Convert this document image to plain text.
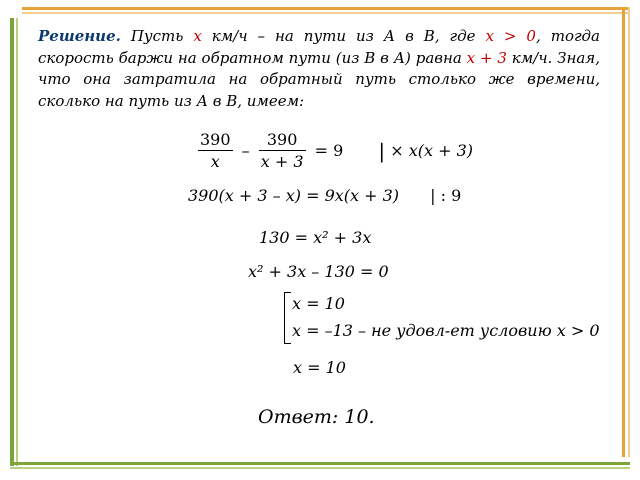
Решение. Пусть x км/ч – на пути из А в В, где x > 0, тогда скорость баржи на обратном пути (из В в А) равна x + 3 км/ч. Зная, что она затратила на обратный путь столько же времени, сколько на путь из А в В, имеем:
$\frac{390}{x} - \frac{390}{x + 3} = 9$ | × x(x + 3)
390(x + 3 – x) = 9x(x + 3) | : 9
130 = x² + 3x
x² + 3x – 130 = 0
x = 10
x = –13 – не удовл-ет условию x > 0
x = 10
Ответ: 10.
